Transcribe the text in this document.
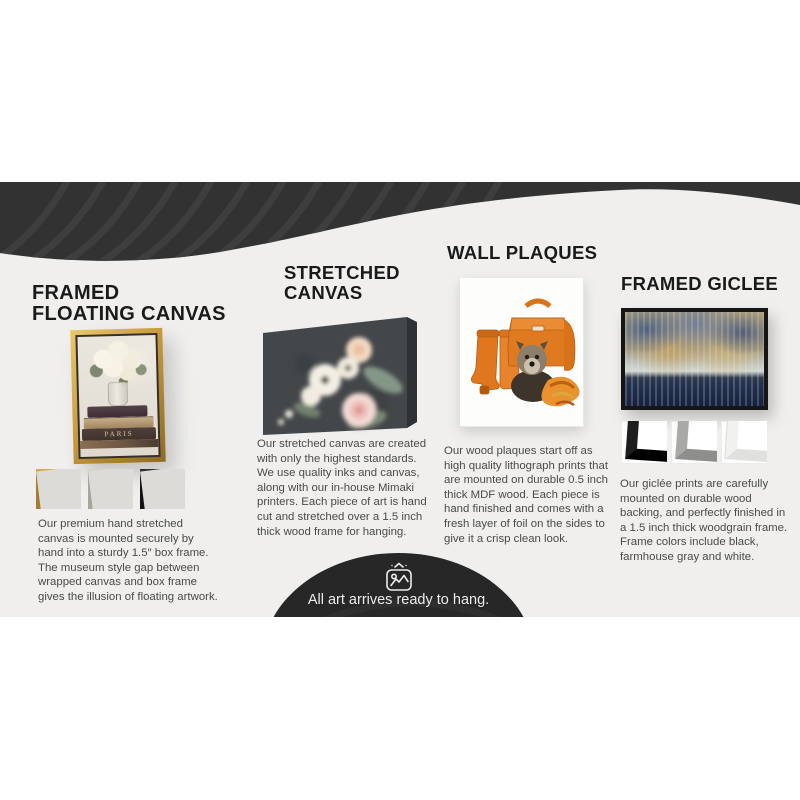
All art arrives ready to hang.
FRAMED
FLOATING CANVAS
PARIS
Our premium hand stretched
canvas is mounted securely by
hand into a sturdy 1.5″ box frame.
The museum style gap between
wrapped canvas and box frame
gives the illusion of floating artwork.
STRETCHED
CANVAS
Our stretched canvas are created
with only the highest standards.
We use quality inks and canvas,
along with our in-house Mimaki
printers. Each piece of art is hand
cut and stretched over a 1.5 inch
thick wood frame for hanging.
WALL PLAQUES
Our wood plaques start off as
high quality lithograph prints that
are mounted on durable 0.5 inch
thick MDF wood. Each piece is
hand finished and comes with a
fresh layer of foil on the sides to
give it a crisp clean look.
FRAMED GICLEE
Our giclée prints are carefully
mounted on durable wood
backing, and perfectly finished in
a 1.5 inch thick woodgrain frame.
Frame colors include black,
farmhouse gray and white.
